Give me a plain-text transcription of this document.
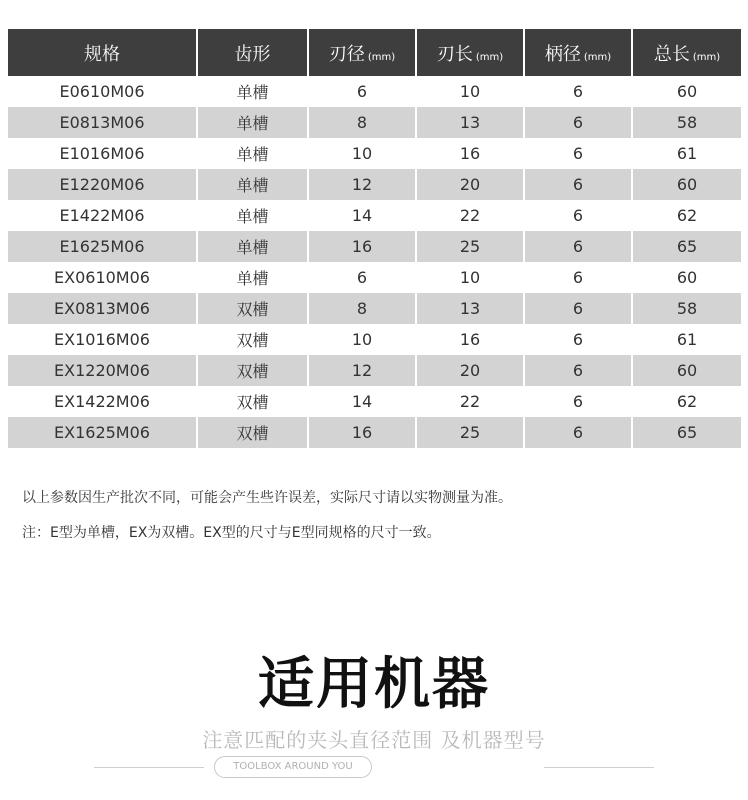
规格	齿形	刃径 (mm)	刃长 (mm)	柄径 (mm)	总长 (mm)
E0610M06	单槽	6	10	6	60
E0813M06	单槽	8	13	6	58
E1016M06	单槽	10	16	6	61
E1220M06	单槽	12	20	6	60
E1422M06	单槽	14	22	6	62
E1625M06	单槽	16	25	6	65
EX0610M06	单槽	6	10	6	60
EX0813M06	双槽	8	13	6	58
EX1016M06	双槽	10	16	6	61
EX1220M06	双槽	12	20	6	60
EX1422M06	双槽	14	22	6	62
EX1625M06	双槽	16	25	6	65
以上参数因生产批次不同，可能会产生些许误差，实际尺寸请以实物测量为准。
注：E型为单槽，EX为双槽。EX型的尺寸与E型同规格的尺寸一致。
适用机器
注意匹配的夹头直径范围 及机器型号
TOOLBOX AROUND YOU
